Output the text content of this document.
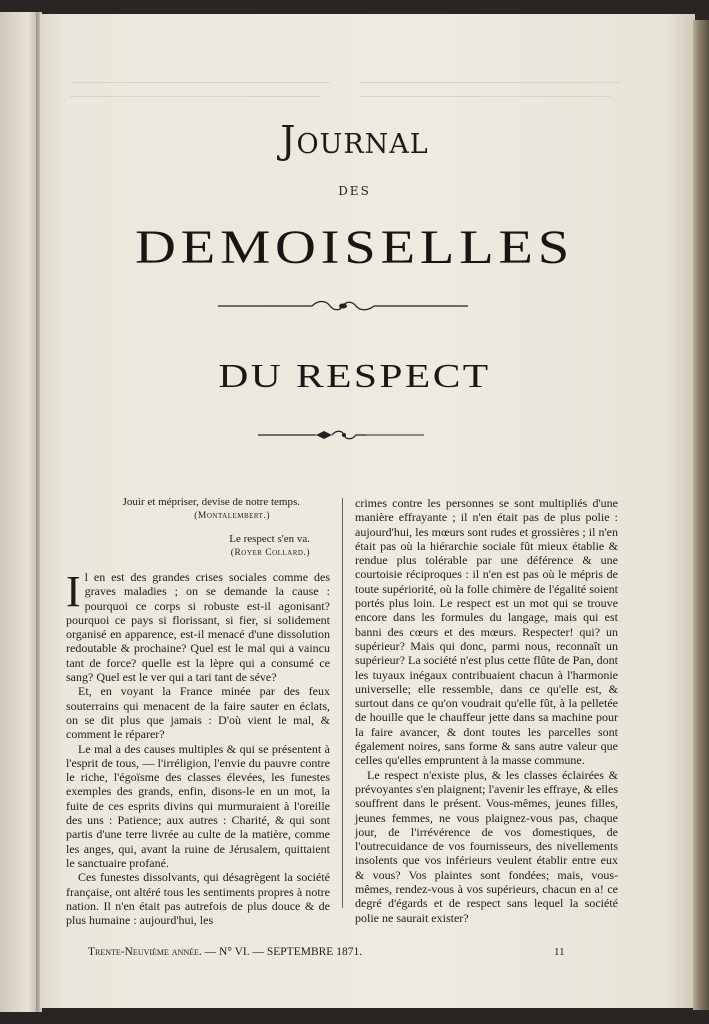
Journal
DES
DEMOISELLES
DU RESPECT
Jouir et mépriser, devise de notre temps.
(Montalembert.)
Le respect s'en va.
(Royer Collard.)

Il en est des grandes crises sociales comme des graves maladies ; on se demande la cause : pourquoi ce corps si robuste est-il agonisant? pourquoi ce pays si florissant, si fier, si solidement organisé en apparence, est-il menacé d'une dissolution redoutable & prochaine? Quel est le mal qui a vaincu tant de force? quelle est la lèpre qui a consumé ce sang? Quel est le ver qui a tari tant de séve?

Et, en voyant la France minée par des feux souterrains qui menacent de la faire sauter en éclats, on se dit plus que jamais : D'où vient le mal, & comment le réparer?

Le mal a des causes multiples & qui se présentent à l'esprit de tous, — l'irréligion, l'envie du pauvre contre le riche, l'égoïsme des classes élevées, les funestes exemples des grands, enfin, disons-le en un mot, la fuite de ces esprits divins qui murmuraient à l'oreille des uns : Patience; aux autres : Charité, & qui sont partis d'une terre livrée au culte de la matière, comme les anges, qui, avant la ruine de Jérusalem, quittaient le sanctuaire profané.

Ces funestes dissolvants, qui désagrègent la société française, ont altéré tous les sentiments propres à notre nation. Il n'en était pas autrefois de plus douce & de plus humaine : aujourd'hui, les

crimes contre les personnes se sont multipliés d'une manière effrayante ; il n'en était pas de plus polie : aujourd'hui, les mœurs sont rudes et grossières ; il n'en était pas où la hiérarchie sociale fût mieux établie & rendue plus tolérable par une déférence & une courtoisie réciproques : il n'en est pas où le mépris de toute supériorité, où la folle chimère de l'égalité soient portés plus loin. Le respect est un mot qui se trouve encore dans les formules du langage, mais qui est banni des cœurs et des mœurs. Respecter! qui? un supérieur? Mais qui donc, parmi nous, reconnaît un supérieur? La société n'est plus cette flûte de Pan, dont les tuyaux inégaux contribuaient chacun à l'harmonie universelle; elle ressemble, dans ce qu'elle est, & surtout dans ce qu'on voudrait qu'elle fût, à la pelletée de houille que le chauffeur jette dans sa machine pour la faire avancer, & dont toutes les parcelles sont également noires, sans forme & sans autre valeur que celles qu'elles empruntent à la masse commune.

Le respect n'existe plus, & les classes éclairées & prévoyantes s'en plaignent; l'avenir les effraye, & elles souffrent dans le présent. Vous-mêmes, jeunes filles, jeunes femmes, ne vous plaignez-vous pas, chaque jour, de l'irrévérence de vos domestiques, de l'outrecuidance de vos fournisseurs, des nivellements insolents que vos inférieurs veulent établir entre eux & vous? Vos plaintes sont fondées; mais, vous-mêmes, rendez-vous à vos supérieurs, chacun en a! ce degré d'égards et de respect sans lequel la société polie ne saurait exister?

Trente-Neuvième année. — N° VI. — SEPTEMBRE 1871.	11
